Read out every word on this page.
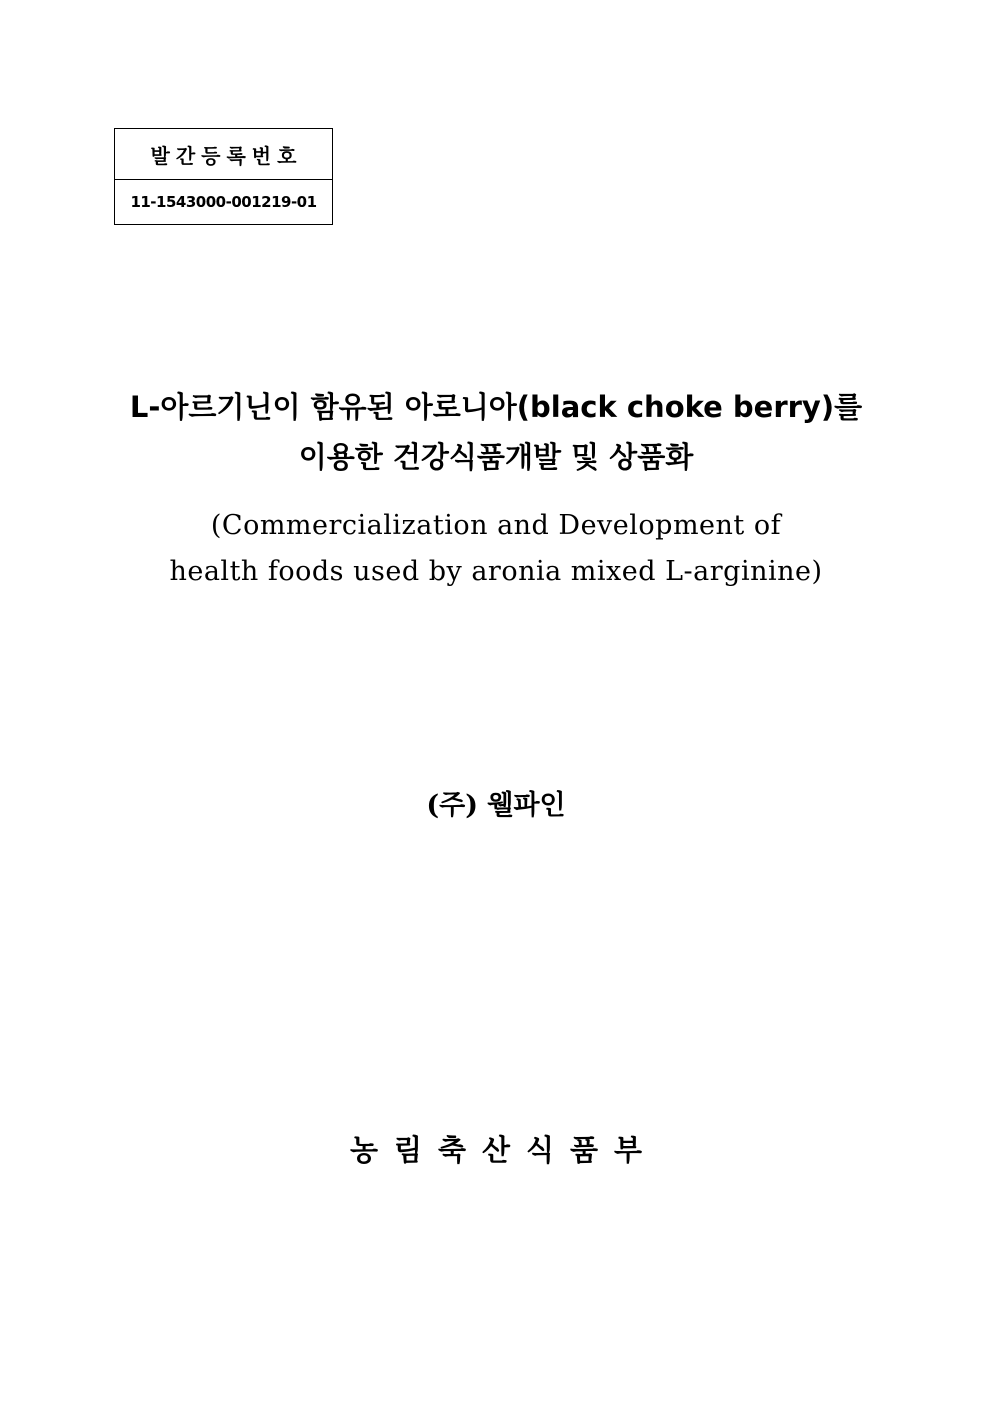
발간등록번호
11-1543000-001219-01
L-아르기닌이 함유된 아로니아(black choke berry)를
이용한 건강식품개발 및 상품화
(Commercialization and Development of
health foods used by aronia mixed L-arginine)
(주) 웰파인
농림축산식품부
